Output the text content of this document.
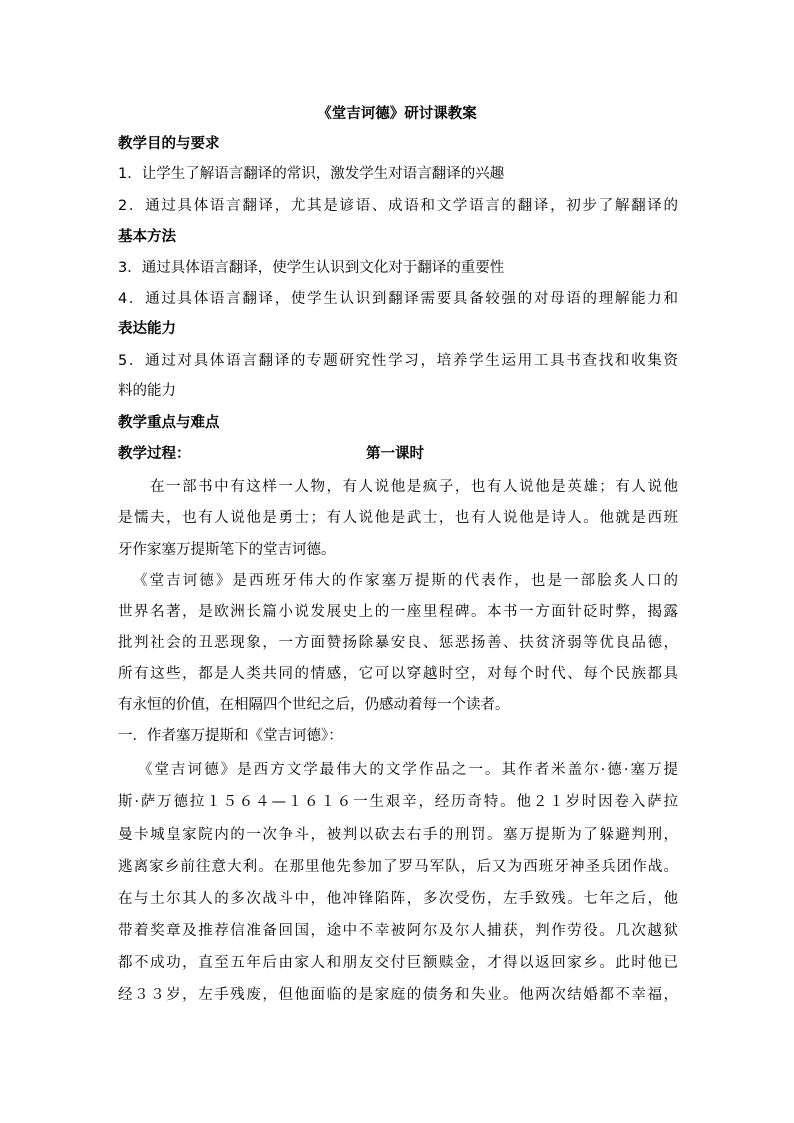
《堂吉诃德》研讨课教案
教学目的与要求
1．让学生了解语言翻译的常识，激发学生对语言翻译的兴趣
2．通过具体语言翻译，尤其是谚语、成语和文学语言的翻译，初步了解翻译的
基本方法
3．通过具体语言翻译，使学生认识到文化对于翻译的重要性
4．通过具体语言翻译，使学生认识到翻译需要具备较强的对母语的理解能力和
表达能力
5．通过对具体语言翻译的专题研究性学习，培养学生运用工具书查找和收集资
料的能力
教学重点与难点
教学过程：	第一课时
在一部书中有这样一人物，有人说他是疯子，也有人说他是英雄；有人说他
是懦夫，也有人说他是勇士；有人说他是武士，也有人说他是诗人。他就是西班
牙作家塞万提斯笔下的堂吉诃德。
《堂吉诃德》是西班牙伟大的作家塞万提斯的代表作，也是一部脍炙人口的
世界名著，是欧洲长篇小说发展史上的一座里程碑。本书一方面针砭时弊，揭露
批判社会的丑恶现象，一方面赞扬除暴安良、惩恶扬善、扶贫济弱等优良品德，
所有这些，都是人类共同的情感，它可以穿越时空，对每个时代、每个民族都具
有永恒的价值，在相隔四个世纪之后，仍感动着每一个读者。
一．作者塞万提斯和《堂吉诃德》：
《堂吉诃德》是西方文学最伟大的文学作品之一。其作者米盖尔·德·塞万提
斯·萨万德拉１５６４—１６１６一生艰辛，经历奇特。他２１岁时因卷入萨拉
曼卡城皇家院内的一次争斗，被判以砍去右手的刑罚。塞万提斯为了躲避判刑，
逃离家乡前往意大利。在那里他先参加了罗马军队，后又为西班牙神圣兵团作战。
在与土尔其人的多次战斗中，他冲锋陷阵，多次受伤，左手致残。七年之后，他
带着奖章及推荐信准备回国，途中不幸被阿尔及尔人捕获，判作劳役。几次越狱
都不成功，直至五年后由家人和朋友交付巨额赎金，才得以返回家乡。此时他已
经３３岁，左手残废，但他面临的是家庭的债务和失业。他两次结婚都不幸福，
